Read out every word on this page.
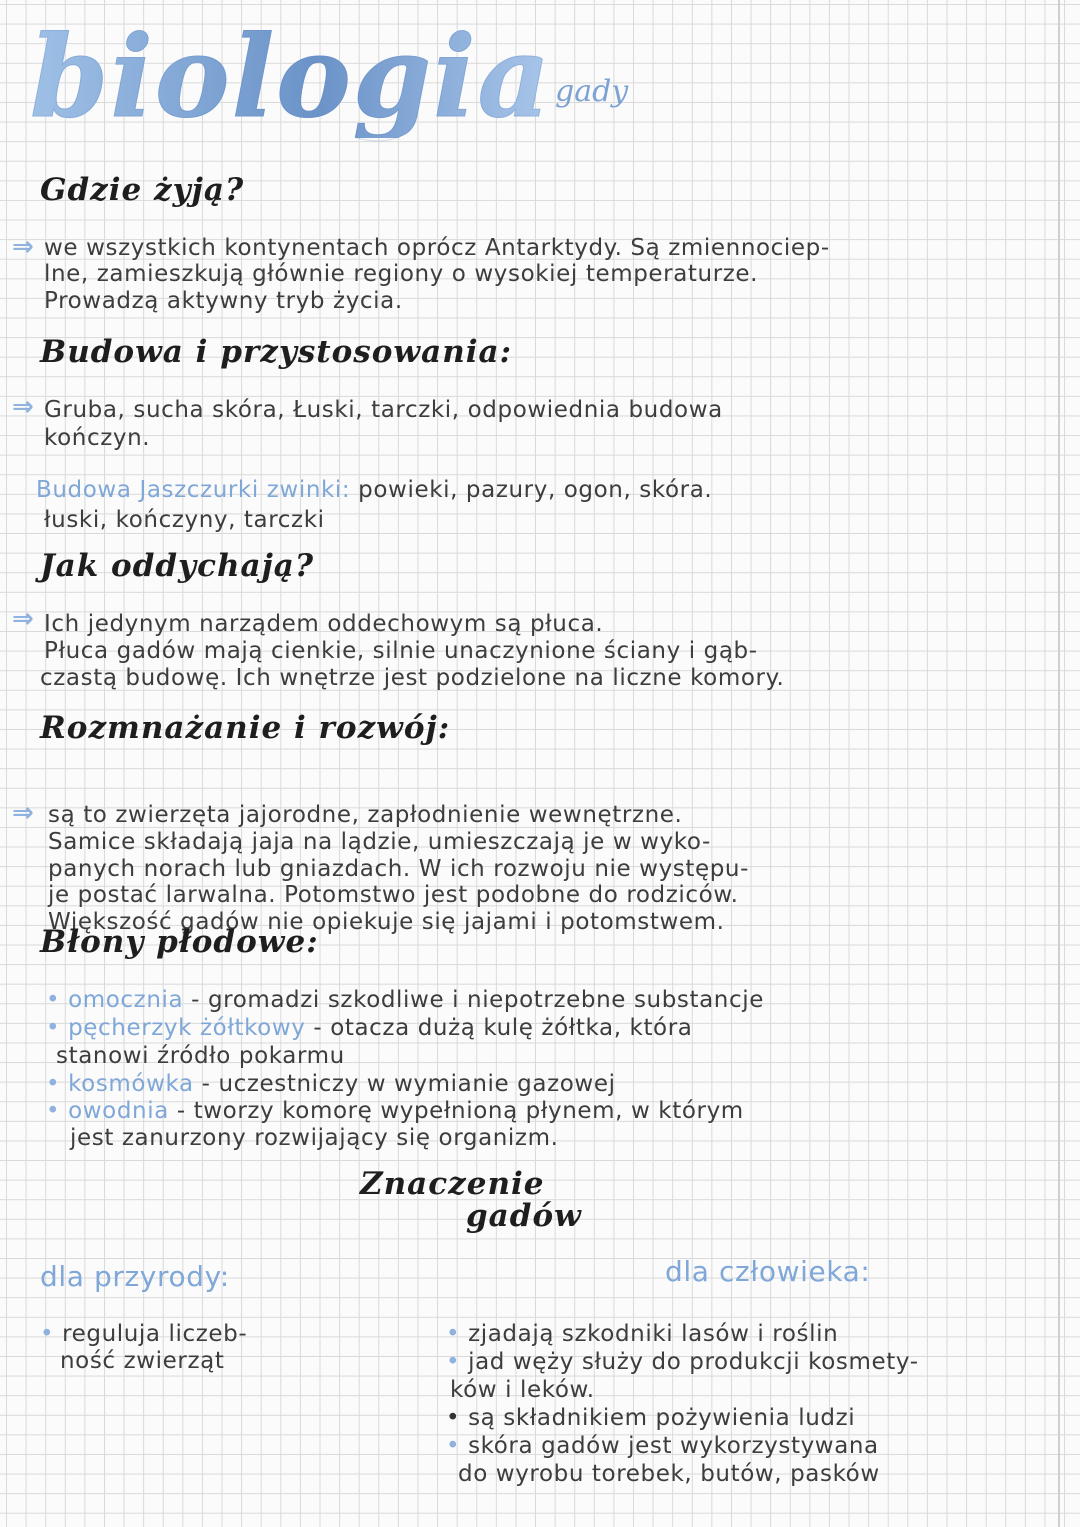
biologia gady
Gdzie żyją?
⇒ we wszystkich kontynentach oprócz Antarktydy. Są zmiennociep-
lne, zamieszkują głównie regiony o wysokiej temperaturze.
Prowadzą aktywny tryb życia.
Budowa i przystosowania:
⇒ Gruba, sucha skóra, Łuski, tarczki, odpowiednia budowa
kończyn.
Budowa Jaszczurki zwinki: powieki, pazury, ogon, skóra.
łuski, kończyny, tarczki
Jak oddychają?
⇒ Ich jedynym narządem oddechowym są płuca.
Płuca gadów mają cienkie, silnie unaczynione ściany i gąb-
czastą budowę. Ich wnętrze jest podzielone na liczne komory.
Rozmnażanie i rozwój:
⇒ są to zwierzęta jajorodne, zapłodnienie wewnętrzne.
Samice składają jaja na lądzie, umieszczają je w wyko-
panych norach lub gniazdach. W ich rozwoju nie występu-
je postać larwalna. Potomstwo jest podobne do rodziców.
Większość gadów nie opiekuje się jajami i potomstwem.
Błony płodowe:
• omocznia - gromadzi szkodliwe i niepotrzebne substancje
• pęcherzyk żółtkowy - otacza dużą kulę żółtka, która
stanowi źródło pokarmu
• kosmówka - uczestniczy w wymianie gazowej
• owodnia - tworzy komorę wypełnioną płynem, w którym
jest zanurzony rozwijający się organizm.
Znaczenie
gadów
dla przyrody:
• reguluja liczeb-
ność zwierząt
dla człowieka:
• zjadają szkodniki lasów i roślin
• jad węży służy do produkcji kosmety-
ków i leków.
• są składnikiem pożywienia ludzi
• skóra gadów jest wykorzystywana
do wyrobu torebek, butów, pasków
